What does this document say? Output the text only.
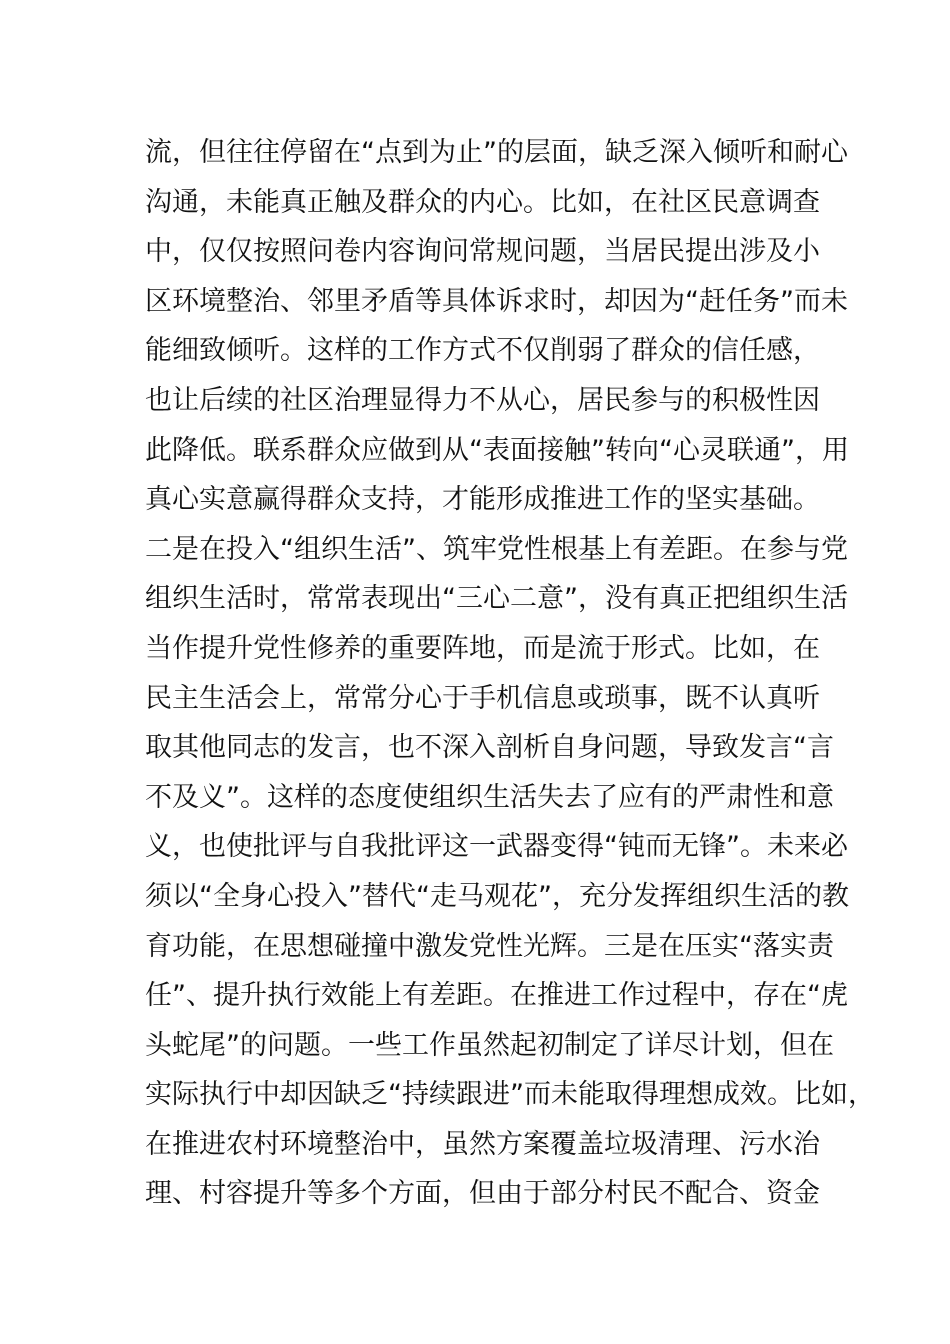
流，但往往停留在“点到为止”的层面，缺乏深入倾听和耐心
沟通，未能真正触及群众的内心。比如，在社区民意调查
中，仅仅按照问卷内容询问常规问题，当居民提出涉及小
区环境整治、邻里矛盾等具体诉求时，却因为“赶任务”而未
能细致倾听。这样的工作方式不仅削弱了群众的信任感，
也让后续的社区治理显得力不从心，居民参与的积极性因
此降低。联系群众应做到从“表面接触”转向“心灵联通”，用
真心实意赢得群众支持，才能形成推进工作的坚实基础。
二是在投入“组织生活”、筑牢党性根基上有差距。在参与党
组织生活时，常常表现出“三心二意”，没有真正把组织生活
当作提升党性修养的重要阵地，而是流于形式。比如，在
民主生活会上，常常分心于手机信息或琐事，既不认真听
取其他同志的发言，也不深入剖析自身问题，导致发言“言
不及义”。这样的态度使组织生活失去了应有的严肃性和意
义，也使批评与自我批评这一武器变得“钝而无锋”。未来必
须以“全身心投入”替代“走马观花”，充分发挥组织生活的教
育功能，在思想碰撞中激发党性光辉。三是在压实“落实责
任”、提升执行效能上有差距。在推进工作过程中，存在“虎
头蛇尾”的问题。一些工作虽然起初制定了详尽计划，但在
实际执行中却因缺乏“持续跟进”而未能取得理想成效。比如，
在推进农村环境整治中，虽然方案覆盖垃圾清理、污水治
理、村容提升等多个方面，但由于部分村民不配合、资金
